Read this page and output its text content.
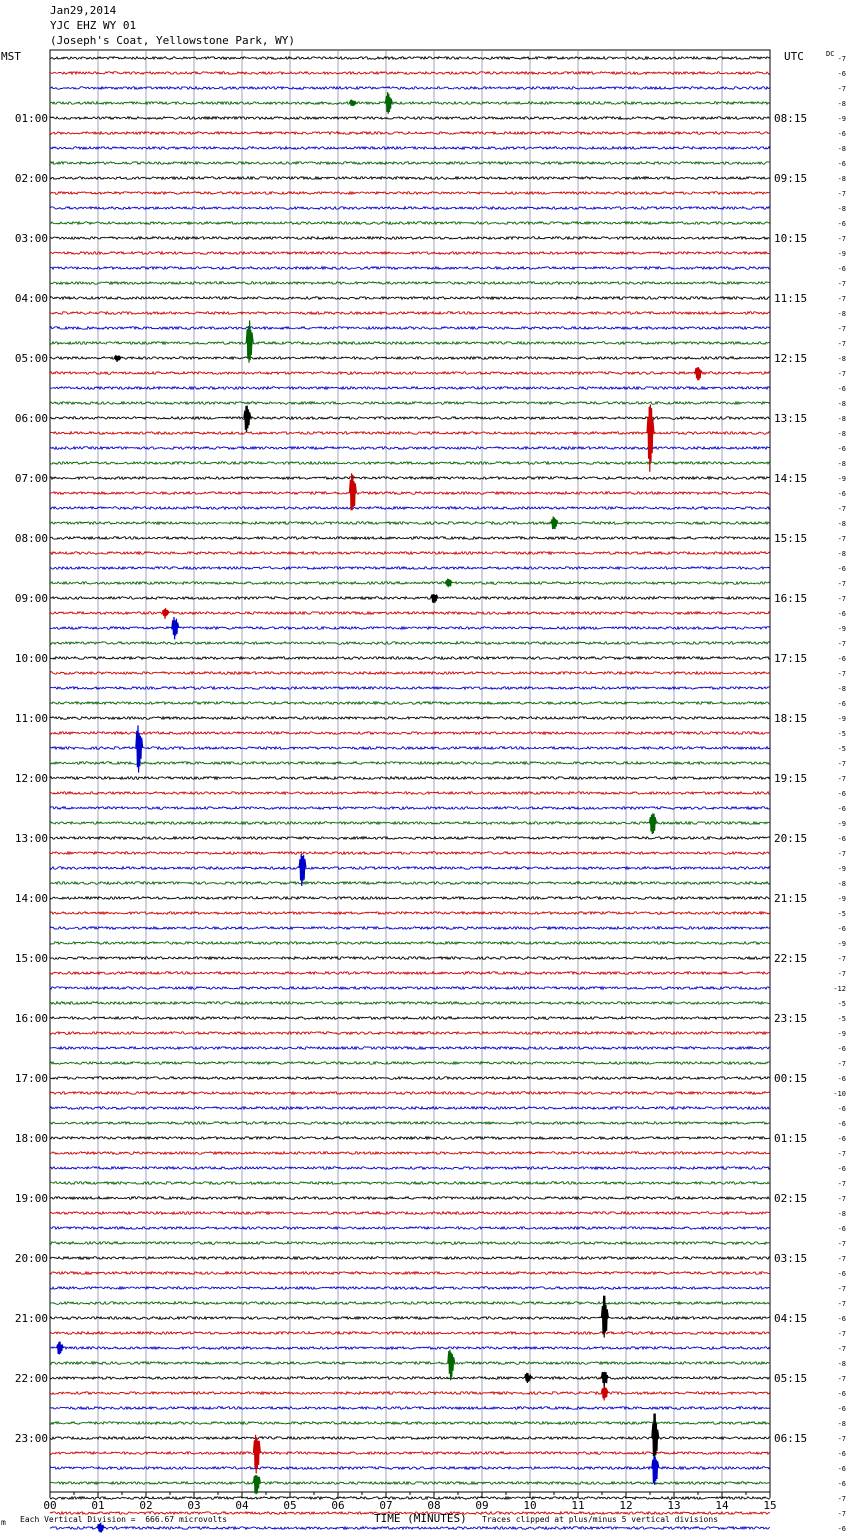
Jan29,2014
YJC EHZ WY 01
(Joseph's Coat, Yellowstone Park, WY)
MST	UTC	DC
01:00
02:00
03:00
04:00
05:00
06:00
07:00
08:00
09:00
10:00
11:00
12:00
13:00
14:00
15:00
16:00
17:00
18:00
19:00
20:00
21:00
22:00
23:00
08:15
09:15
10:15
11:15
12:15
13:15
14:15
15:15
16:15
17:15
18:15
19:15
20:15
21:15
22:15
23:15
00:15
01:15
02:15
03:15
04:15
05:15
06:15
-7
-6
-7
-8
-9
-6
-8
-6
-8
-7
-8
-6
-7
-9
-6
-7
-7
-8
-7
-7
-8
-7
-6
-8
-8
-8
-6
-8
-9
-6
-7
-8
-7
-8
-6
-7
-7
-6
-9
-7
-6
-7
-8
-6
-9
-5
-5
-7
-7
-6
-6
-9
-6
-7
-9
-8
-9
-5
-6
-9
-7
-7
-12
-5
-5
-9
-6
-7
-6
-10
-6
-6
-6
-7
-6
-7
-7
-8
-6
-7
-7
-6
-7
-7
-6
-7
-7
-8
-7
-6
-6
-8
-7
-6
-6
-6
-7
-7
-6
00	01	02	03	04	05	06	07	08	09	10	11	12	13	14	15
TIME (MINUTES)
m Each Vertical Division =  666.67 microvolts	Traces clipped at plus/minus 5 vertical divisions
